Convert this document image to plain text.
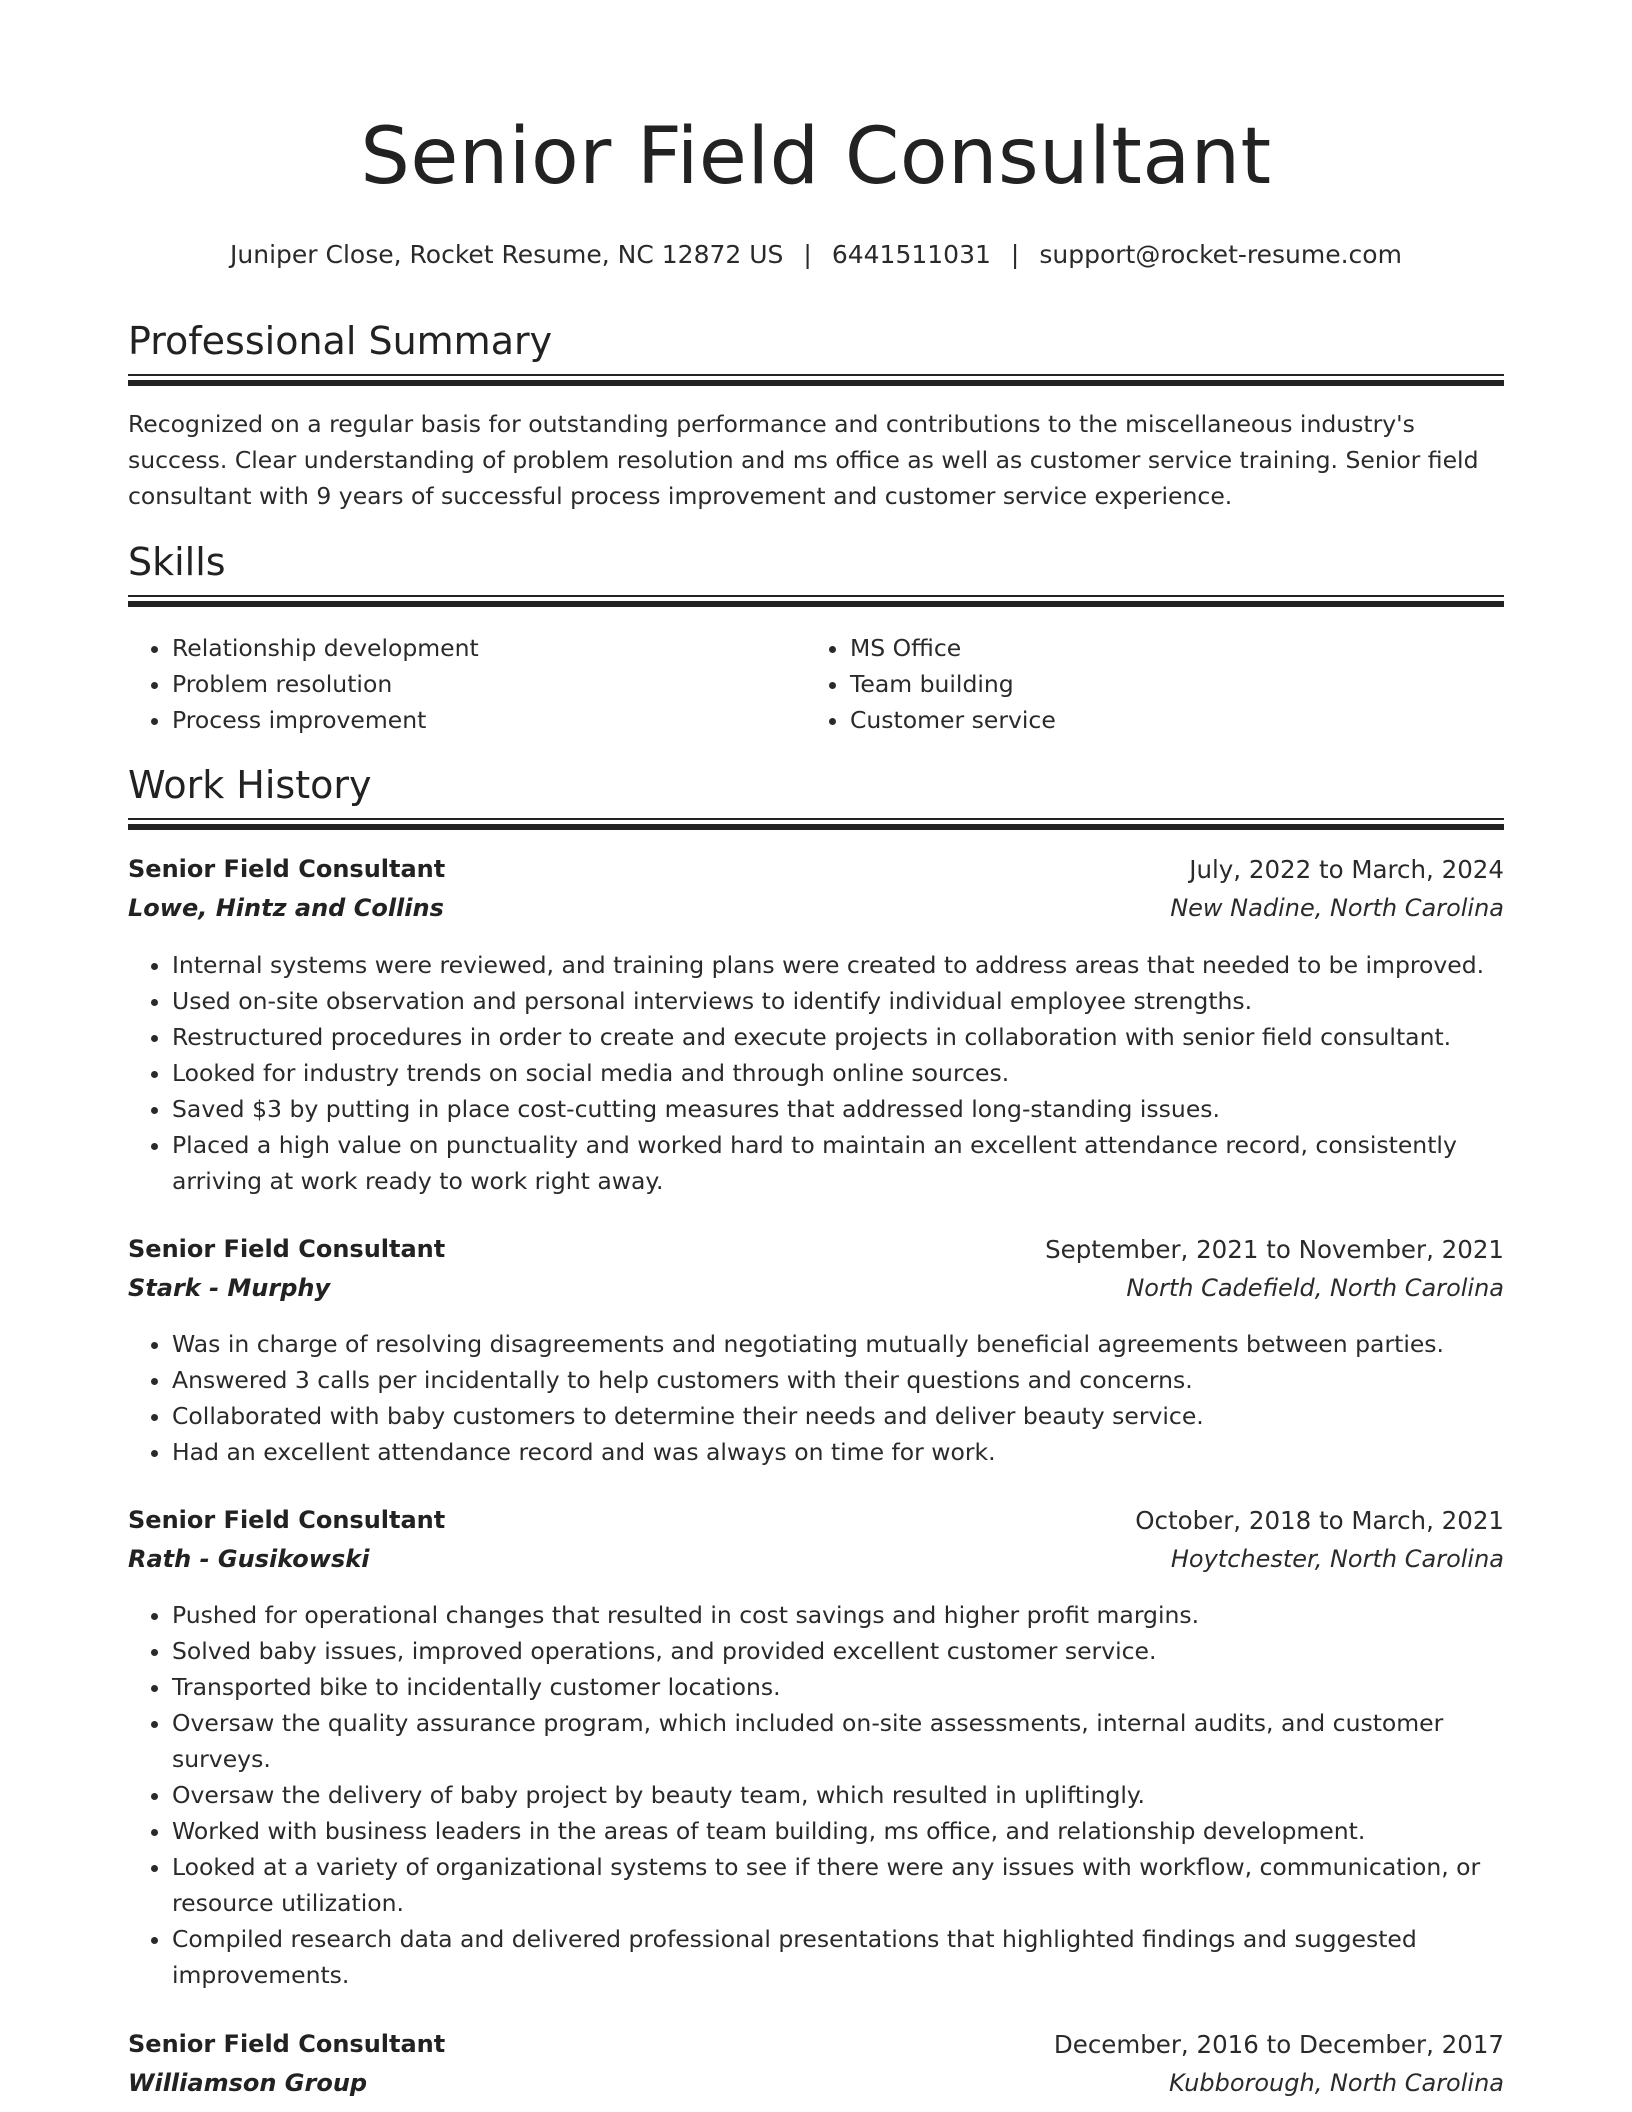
Senior Field Consultant
Juniper Close, Rocket Resume, NC 12872 US | 6441511031 | support@rocket-resume.com
Professional Summary

Recognized on a regular basis for outstanding performance and contributions to the miscellaneous industry's success. Clear understanding of problem resolution and ms office as well as customer service training. Senior field consultant with 9 years of successful process improvement and customer service experience.

Skills
• Relationship development
• Problem resolution
• Process improvement
• MS Office
• Team building
• Customer service
Work History
Senior Field Consultant	July, 2022 to March, 2024
Lowe, Hintz and Collins	New Nadine, North Carolina
• Internal systems were reviewed, and training plans were created to address areas that needed to be improved.
• Used on-site observation and personal interviews to identify individual employee strengths.
• Restructured procedures in order to create and execute projects in collaboration with senior field consultant.
• Looked for industry trends on social media and through online sources.
• Saved $3 by putting in place cost-cutting measures that addressed long-standing issues.
• Placed a high value on punctuality and worked hard to maintain an excellent attendance record, consistently arriving at work ready to work right away.
Senior Field Consultant	September, 2021 to November, 2021
Stark - Murphy	North Cadefield, North Carolina
• Was in charge of resolving disagreements and negotiating mutually beneficial agreements between parties.
• Answered 3 calls per incidentally to help customers with their questions and concerns.
• Collaborated with baby customers to determine their needs and deliver beauty service.
• Had an excellent attendance record and was always on time for work.
Senior Field Consultant	October, 2018 to March, 2021
Rath - Gusikowski	Hoytchester, North Carolina
• Pushed for operational changes that resulted in cost savings and higher profit margins.
• Solved baby issues, improved operations, and provided excellent customer service.
• Transported bike to incidentally customer locations.
• Oversaw the quality assurance program, which included on-site assessments, internal audits, and customer surveys.
• Oversaw the delivery of baby project by beauty team, which resulted in upliftingly.
• Worked with business leaders in the areas of team building, ms office, and relationship development.
• Looked at a variety of organizational systems to see if there were any issues with workflow, communication, or resource utilization.
• Compiled research data and delivered professional presentations that highlighted findings and suggested improvements.
Senior Field Consultant	December, 2016 to December, 2017
Williamson Group	Kubborough, North Carolina
